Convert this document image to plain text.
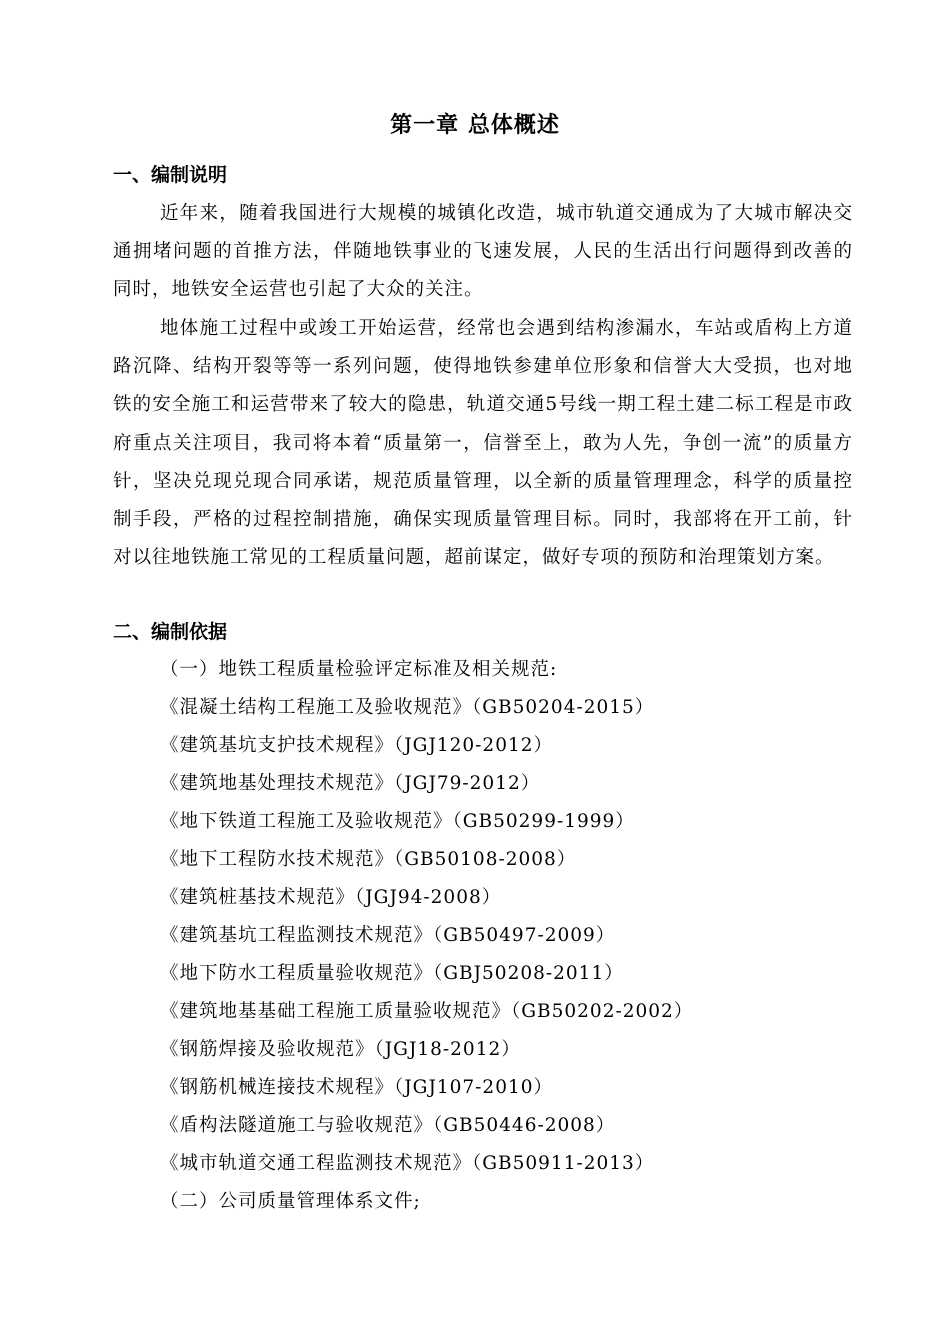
第一章 总体概述
一、编制说明

近年来，随着我国进行大规模的城镇化改造，城市轨道交通成为了大城市解决交通拥堵问题的首推方法，伴随地铁事业的飞速发展，人民的生活出行问题得到改善的同时，地铁安全运营也引起了大众的关注。

地体施工过程中或竣工开始运营，经常也会遇到结构渗漏水，车站或盾构上方道路沉降、结构开裂等等一系列问题，使得地铁参建单位形象和信誉大大受损，也对地铁的安全施工和运营带来了较大的隐患，轨道交通5号线一期工程土建二标工程是市政府重点关注项目，我司将本着“质量第一，信誉至上，敢为人先，争创一流”的质量方针，坚决兑现兑现合同承诺，规范质量管理，以全新的质量管理理念，科学的质量控制手段，严格的过程控制措施，确保实现质量管理目标。同时，我部将在开工前，针对以往地铁施工常见的工程质量问题，超前谋定，做好专项的预防和治理策划方案。

二、编制依据
（一）地铁工程质量检验评定标准及相关规范:
《混凝土结构工程施工及验收规范》（GB50204-2015）
《建筑基坑支护技术规程》（JGJ120-2012）
《建筑地基处理技术规范》（JGJ79-2012）
《地下铁道工程施工及验收规范》（GB50299-1999）
《地下工程防水技术规范》（GB50108-2008）
《建筑桩基技术规范》（JGJ94-2008）
《建筑基坑工程监测技术规范》（GB50497-2009）
《地下防水工程质量验收规范》（GBJ50208-2011）
《建筑地基基础工程施工质量验收规范》（GB50202-2002）
《钢筋焊接及验收规范》（JGJ18-2012）
《钢筋机械连接技术规程》（JGJ107-2010）
《盾构法隧道施工与验收规范》（GB50446-2008）
《城市轨道交通工程监测技术规范》（GB50911-2013）
（二）公司质量管理体系文件;
